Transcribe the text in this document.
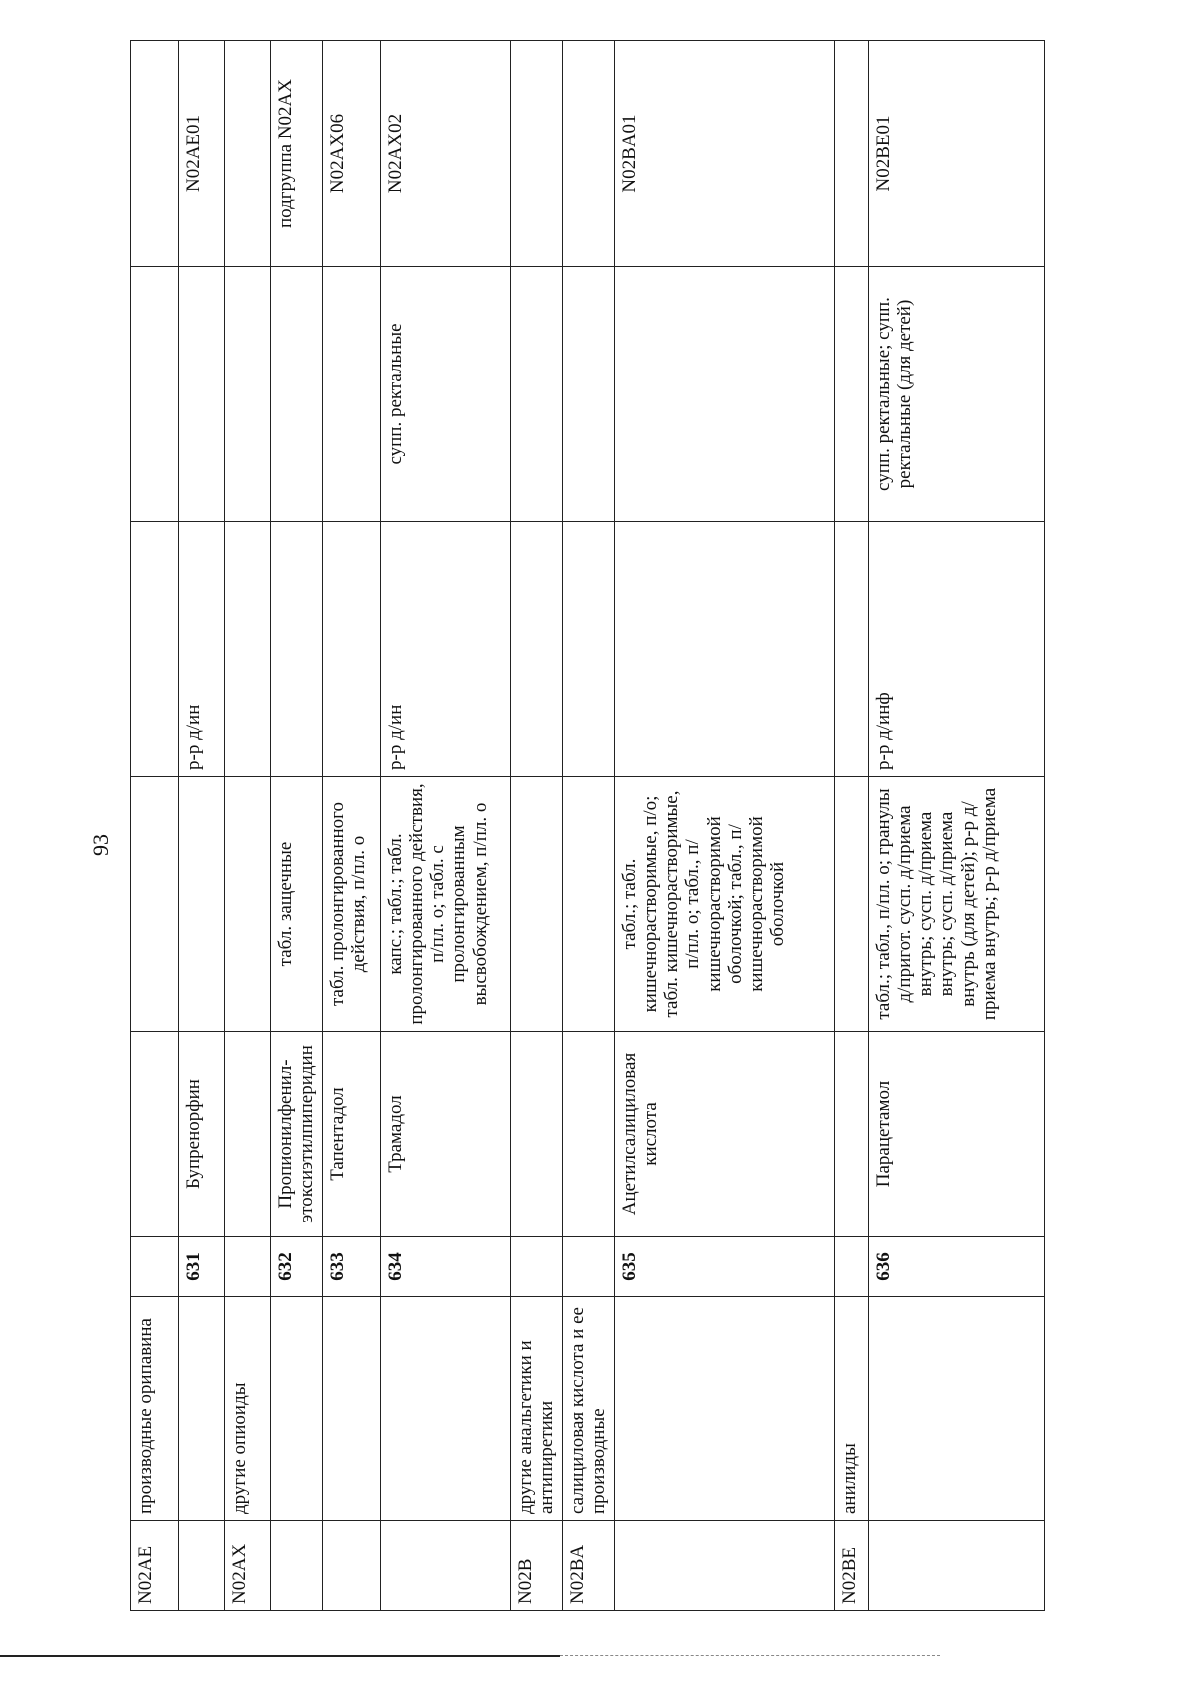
93
N02AE	производные орипавина						
		631	Бупренорфин		р-р д/ин		N02AE01
N02AX	другие опиоиды						
		632	Пропионилфенил-этоксиэтилпиперидин	табл. защечные			подгруппа N02AX
		633	Тапентадол	табл. пролонгированного действия, п/пл. о			N02AX06
		634	Трамадол	капс.; табл.; табл. пролонгированного действия, п/пл. о; табл. с пролонгированным высвобождением, п/пл. о	р-р д/ин	супп. ректальные	N02AX02
N02B	другие анальгетики и антипиретики						
N02BA	салициловая кислота и ее производные						
		635	Ацетилсалициловая кислота	табл.; табл. кишечнорастворимые, п/о; табл. кишечнорастворимые, п/пл. о; табл., п/кишечнорастворимой оболочкой; табл., п/кишечнорастворимой оболочкой			N02BA01
N02BE	анилиды						
		636	Парацетамол	табл.; табл., п/пл. о; гранулы д/пригот. сусп. д/приема внутрь; сусп. д/приема внутрь; сусп. д/приема внутрь (для детей); р-р д/приема внутрь; р-р д/приема	р-р д/инф	супп. ректальные; супп. ректальные (для детей)	N02BE01
